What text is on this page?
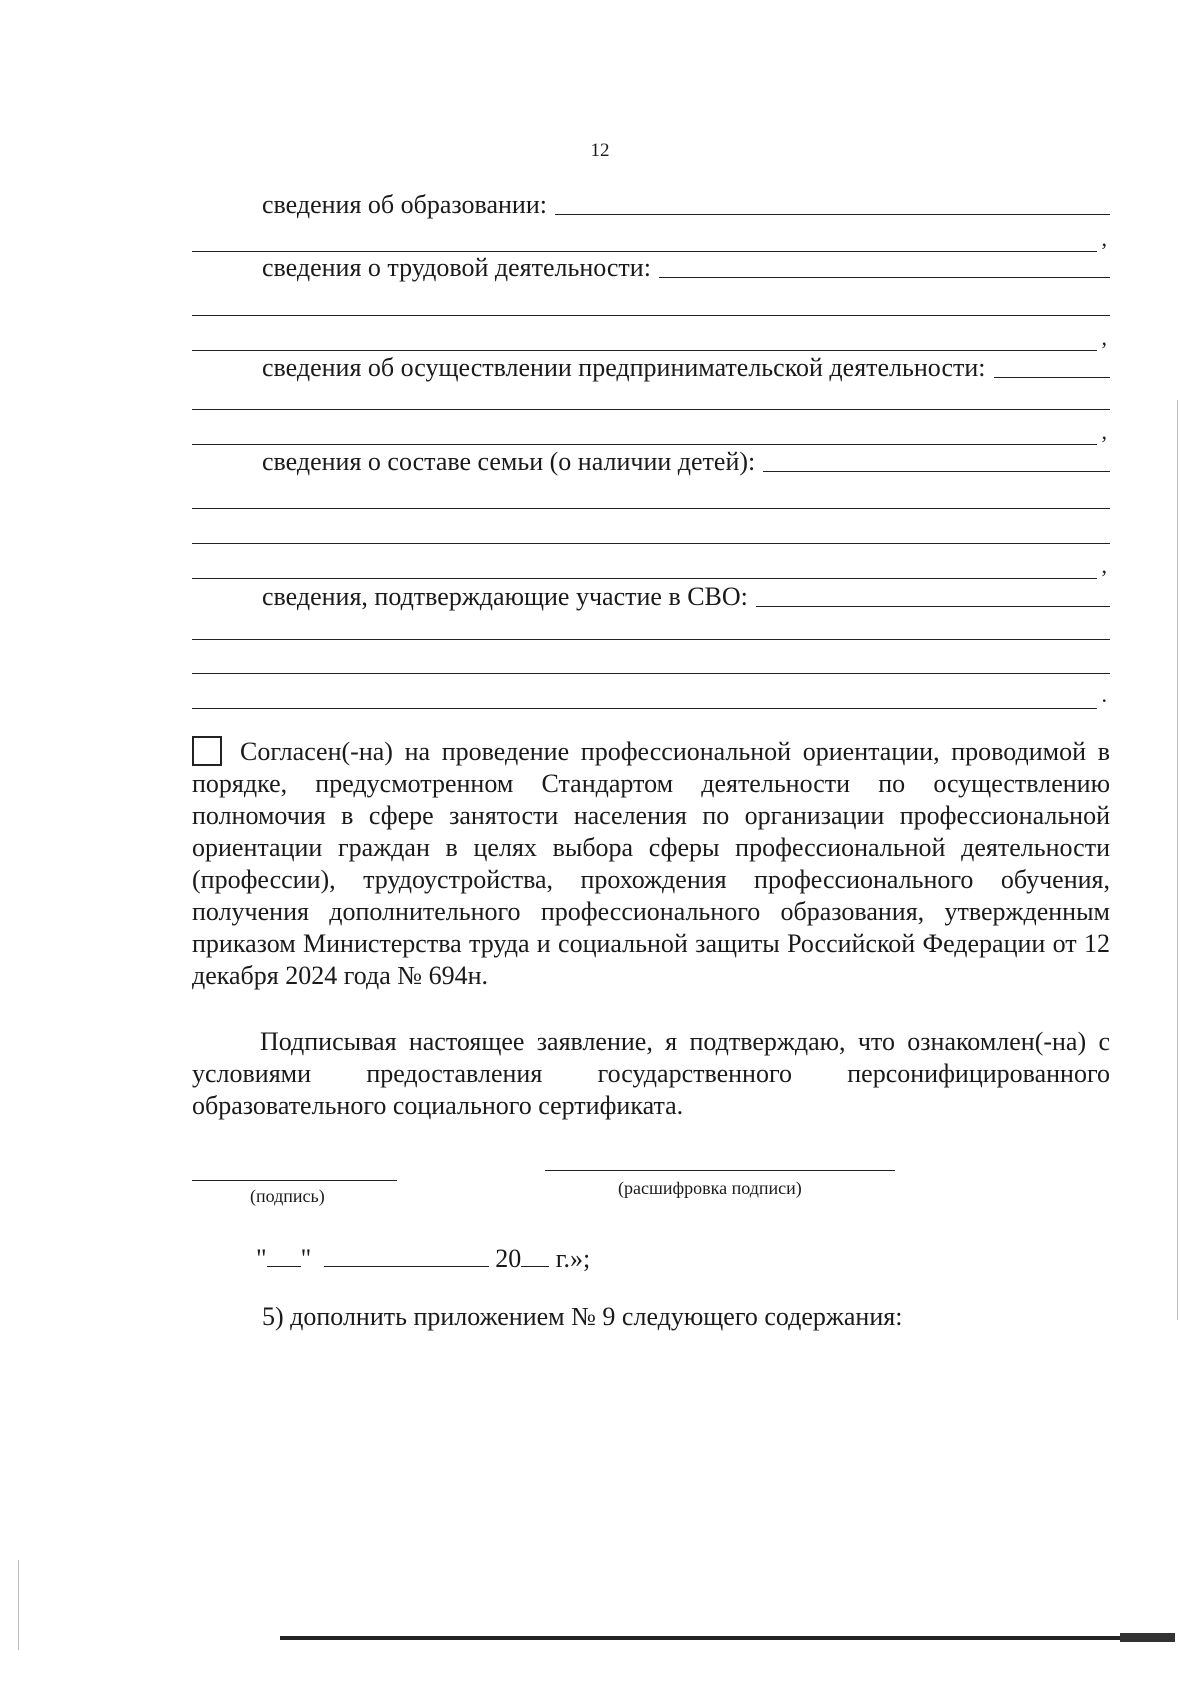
12
сведения об образовании:
,
сведения о трудовой деятельности:
,
сведения об осуществлении предпринимательской деятельности:
,
сведения о составе семьи (о наличии детей):
,
сведения, подтверждающие участие в СВО:
.
Согласен(-на) на проведение профессиональной ориентации, проводимой в порядке, предусмотренном Стандартом деятельности по осуществлению полномочия в сфере занятости населения по организации профессиональной ориентации граждан в целях выбора сферы профессиональной деятельности (профессии), трудоустройства, прохождения профессионального обучения, получения дополнительного профессионального образования, утвержденным приказом Министерства труда и социальной защиты Российской Федерации от 12 декабря 2024 года № 694н.
Подписывая настоящее заявление, я подтверждаю, что ознакомлен(-на) с условиями предоставления государственного персонифицированного образовательного социального сертификата.
(подпись)	(расшифровка подписи)
" "	20 г.»;
5) дополнить приложением № 9 следующего содержания:
